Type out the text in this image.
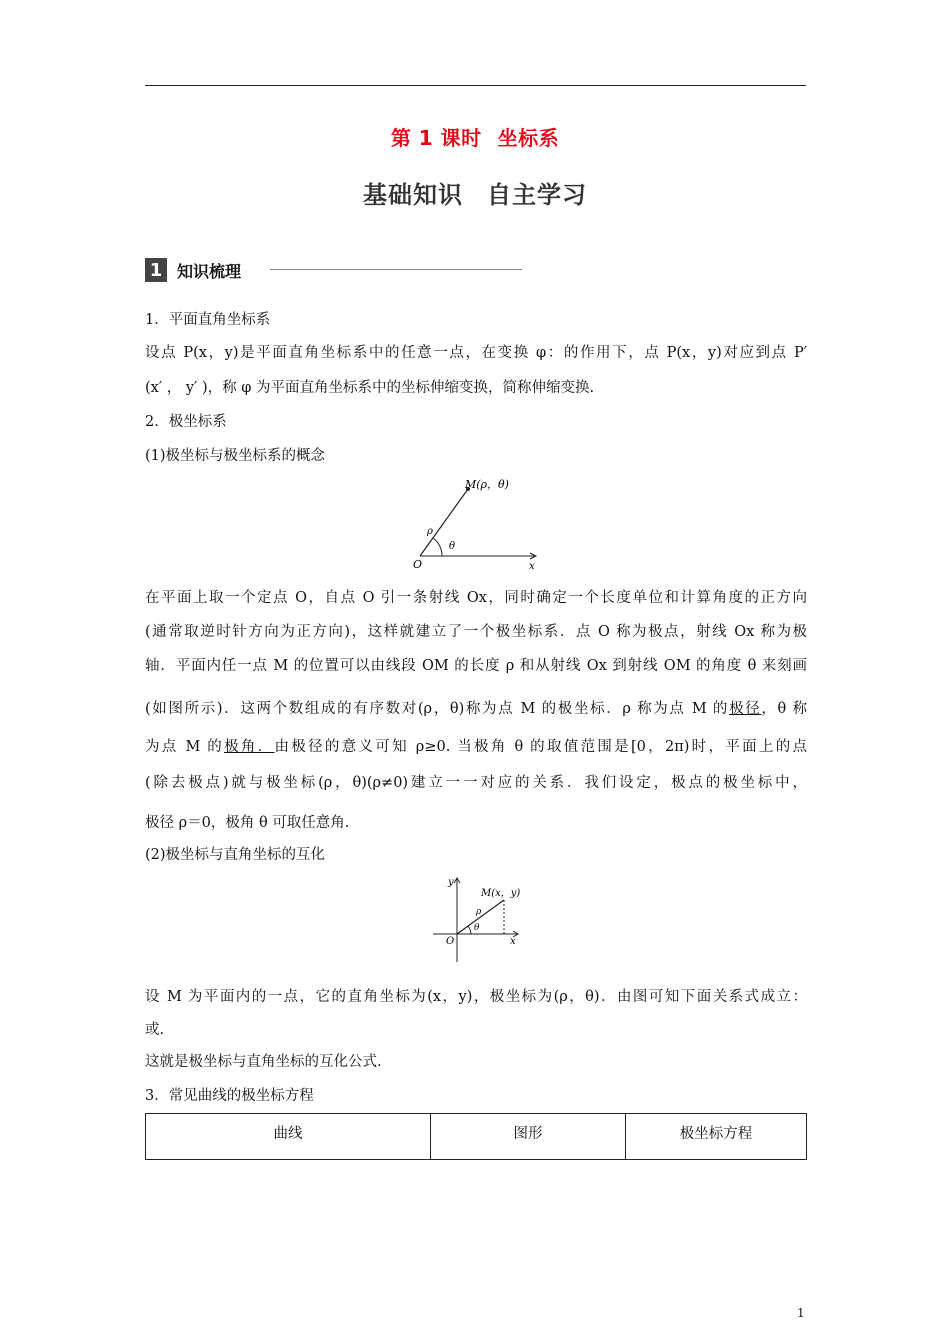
第 1 课时 坐标系
基础知识 自主学习
1 知识梳理
1．平面直角坐标系
设点 P(x，y)是平面直角坐标系中的任意一点，在变换 φ：的作用下，点 P(x，y)对应到点 P′
(x′ ， y′ )，称 φ 为平面直角坐标系中的坐标伸缩变换，简称伸缩变换.
2．极坐标系
(1)极坐标与极坐标系的概念
M(ρ，θ)
ρ
θ
O	x
在平面上取一个定点 O，自点 O 引一条射线 Ox，同时确定一个长度单位和计算角度的正方向
(通常取逆时针方向为正方向)，这样就建立了一个极坐标系．点 O 称为极点，射线 Ox 称为极
轴．平面内任一点 M 的位置可以由线段 OM 的长度 ρ 和从射线 Ox 到射线 OM 的角度 θ 来刻画
(如图所示)．这两个数组成的有序数对(ρ，θ)称为点 M 的极坐标．ρ 称为点 M 的极径，θ 称
为点 M 的极角．由极径的意义可知 ρ≥0. 当极角 θ 的取值范围是[0，2π)时，平面上的点
(除去极点)就与极坐标(ρ，θ)(ρ≠0)建立一一对应的关系．我们设定，极点的极坐标中，
极径 ρ＝0，极角 θ 可取任意角.
(2)极坐标与直角坐标的互化
M(x，y)
ρ
θ
O	x
y
设 M 为平面内的一点，它的直角坐标为(x，y)，极坐标为(ρ，θ)．由图可知下面关系式成立：
或.
这就是极坐标与直角坐标的互化公式.
3．常见曲线的极坐标方程
曲线	图形	极坐标方程
1
